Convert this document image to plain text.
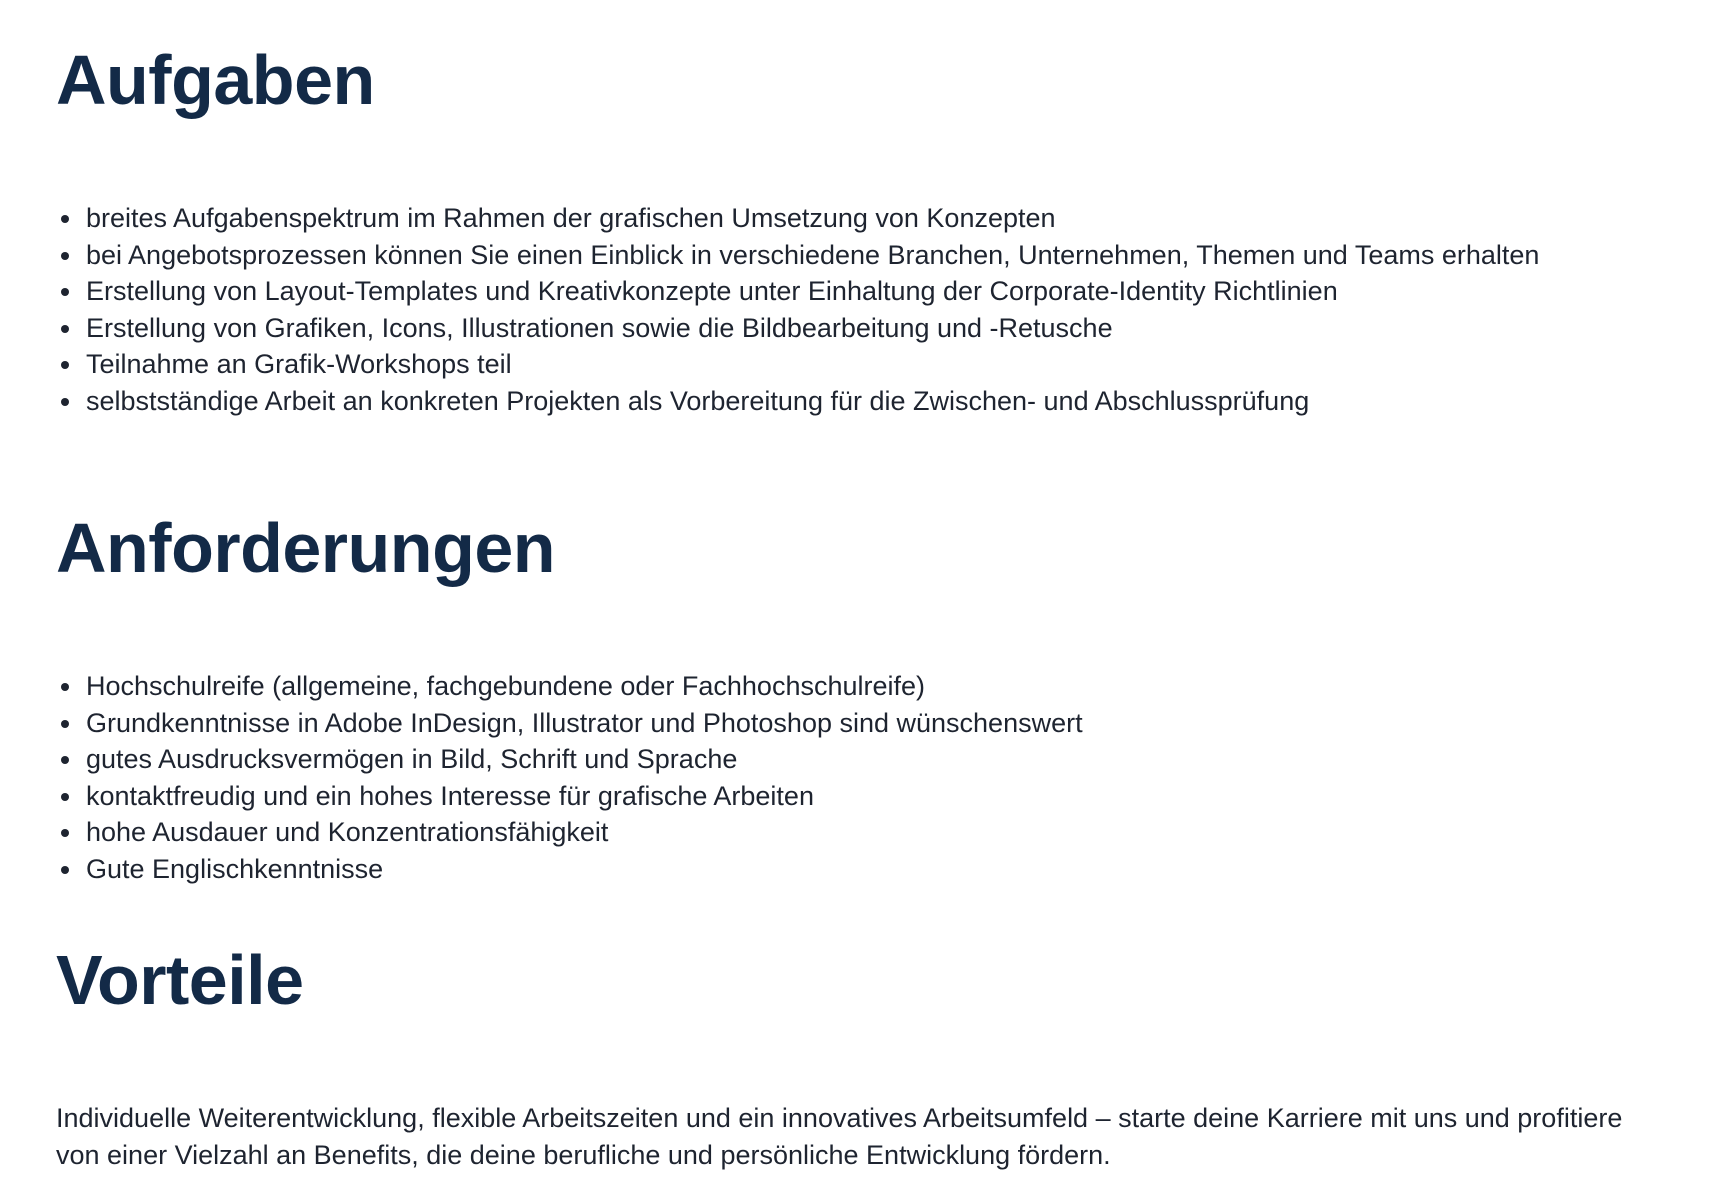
Aufgaben
breites Aufgabenspektrum im Rahmen der grafischen Umsetzung von Konzepten
bei Angebotsprozessen können Sie einen Einblick in verschiedene Branchen, Unternehmen, Themen und Teams erhalten
Erstellung von Layout-Templates und Kreativkonzepte unter Einhaltung der Corporate-Identity Richtlinien
Erstellung von Grafiken, Icons, Illustrationen sowie die Bildbearbeitung und -Retusche
Teilnahme an Grafik-Workshops teil
selbstständige Arbeit an konkreten Projekten als Vorbereitung für die Zwischen- und Abschlussprüfung
Anforderungen
Hochschulreife (allgemeine, fachgebundene oder Fachhochschulreife)
Grundkenntnisse in Adobe InDesign, Illustrator und Photoshop sind wünschenswert
gutes Ausdrucksvermögen in Bild, Schrift und Sprache
kontaktfreudig und ein hohes Interesse für grafische Arbeiten
hohe Ausdauer und Konzentrationsfähigkeit
Gute Englischkenntnisse
Vorteile

Individuelle Weiterentwicklung, flexible Arbeitszeiten und ein innovatives Arbeitsumfeld – starte deine Karriere mit uns und profitiere von einer Vielzahl an Benefits, die deine berufliche und persönliche Entwicklung fördern.
